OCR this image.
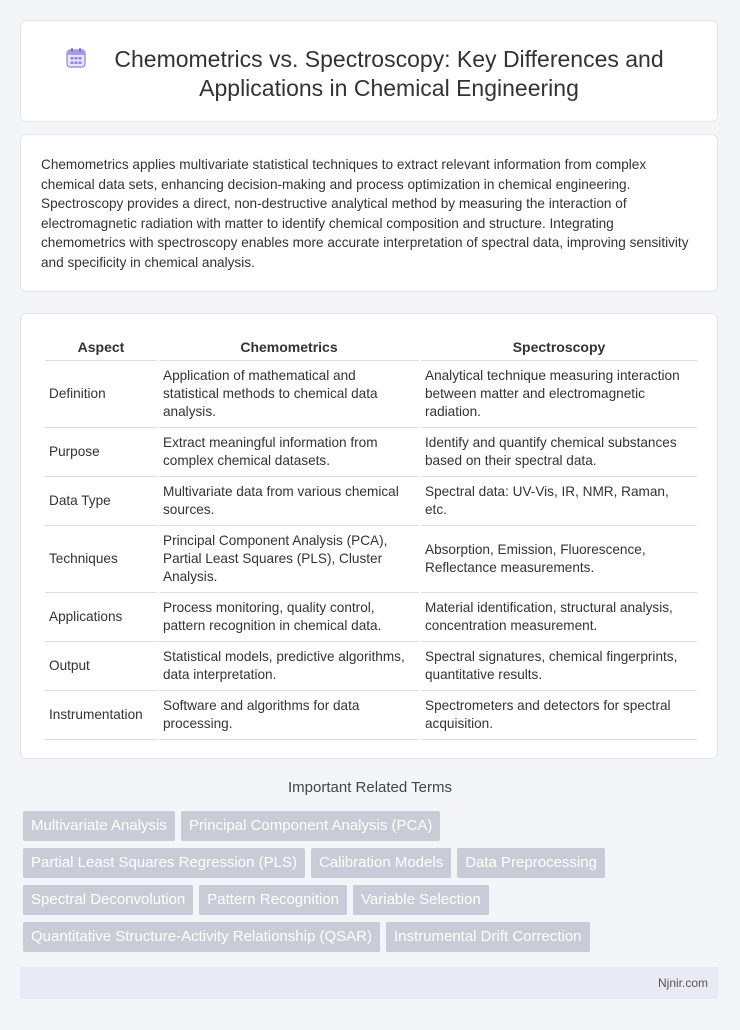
Chemometrics vs. Spectroscopy: Key Differences and Applications in Chemical Engineering

Chemometrics applies multivariate statistical techniques to extract relevant information from complex chemical data sets, enhancing decision-making and process optimization in chemical engineering. Spectroscopy provides a direct, non-destructive analytical method by measuring the interaction of electromagnetic radiation with matter to identify chemical composition and structure. Integrating chemometrics with spectroscopy enables more accurate interpretation of spectral data, improving sensitivity and specificity in chemical analysis.

Aspect	Chemometrics	Spectroscopy
Definition	Application of mathematical and statistical methods to chemical data analysis.	Analytical technique measuring interaction between matter and electromagnetic radiation.
Purpose	Extract meaningful information from complex chemical datasets.	Identify and quantify chemical substances based on their spectral data.
Data Type	Multivariate data from various chemical sources.	Spectral data: UV-Vis, IR, NMR, Raman, etc.
Techniques	Principal Component Analysis (PCA), Partial Least Squares (PLS), Cluster Analysis.	Absorption, Emission, Fluorescence, Reflectance measurements.
Applications	Process monitoring, quality control, pattern recognition in chemical data.	Material identification, structural analysis, concentration measurement.
Output	Statistical models, predictive algorithms, data interpretation.	Spectral signatures, chemical fingerprints, quantitative results.
Instrumentation	Software and algorithms for data processing.	Spectrometers and detectors for spectral acquisition.
Important Related Terms
Multivariate Analysis	Principal Component Analysis (PCA)
Partial Least Squares Regression (PLS)	Calibration Models	Data Preprocessing
Spectral Deconvolution	Pattern Recognition	Variable Selection
Quantitative Structure-Activity Relationship (QSAR)	Instrumental Drift Correction
Njnir.com
